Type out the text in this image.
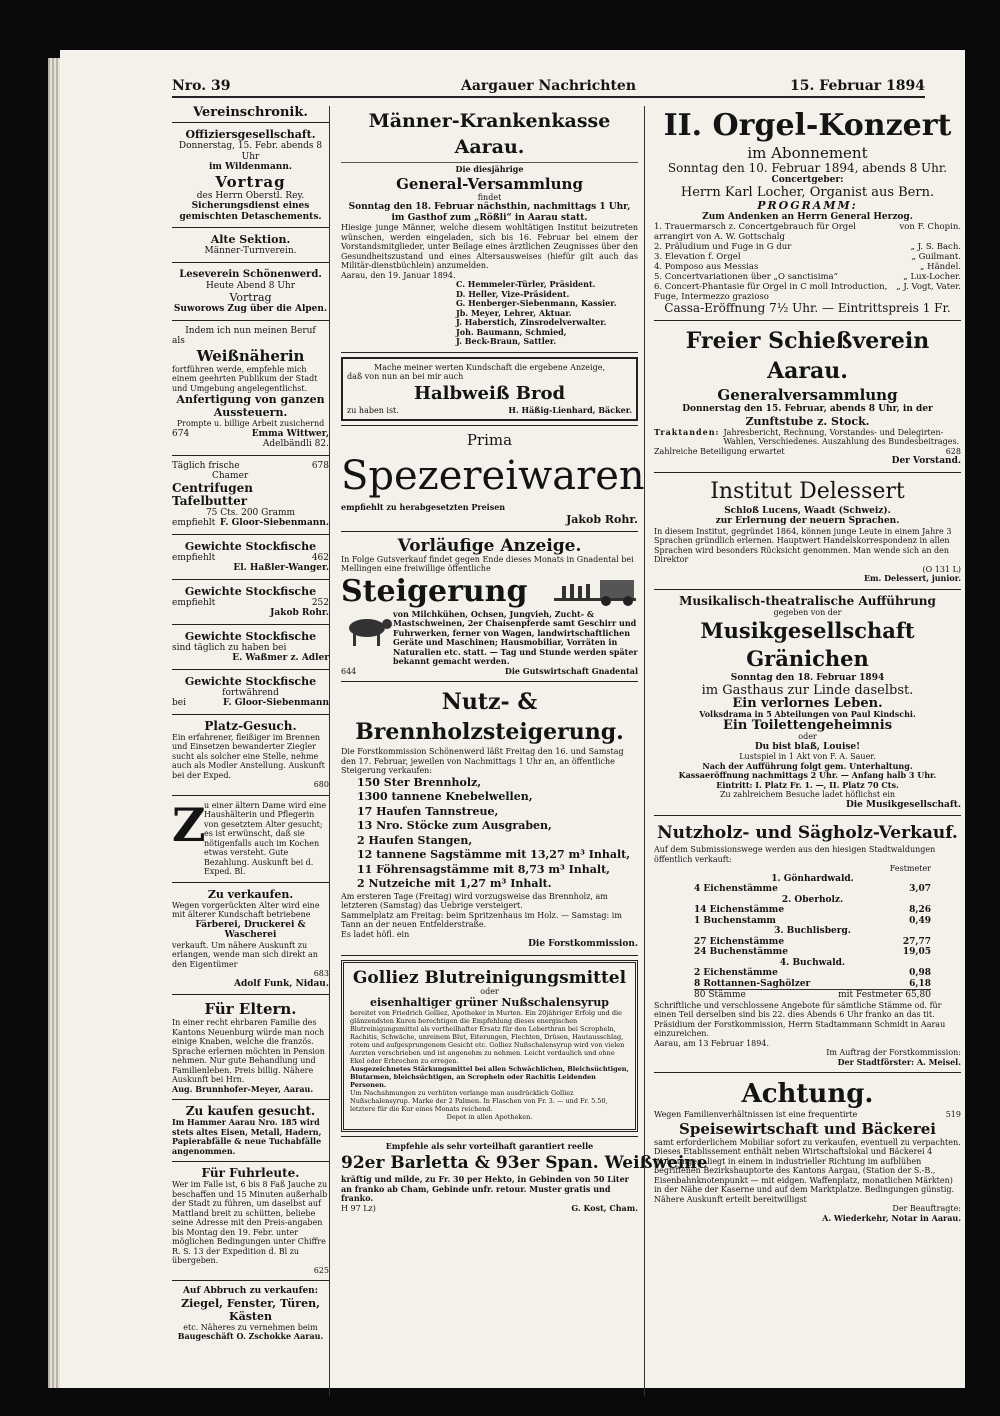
Nro. 39	Aargauer Nachrichten	15. Februar 1894
Vereinschronik.
Offiziersgesellschaft.
Donnerstag, 15. Febr. abends 8 Uhr
im Wildenmann.
Vortrag
des Herrn Oberstl. Rey.
Sicherungsdienst eines gemischten Detaschements.
Alte Sektion.
Männer-Turnverein.
Leseverein Schönenwerd.
Heute Abend 8 Uhr
Vortrag
Suworows Zug über die Alpen.
Indem ich nun meinen Beruf
als
Weißnäherin
fortführen werde, empfehle mich einem geehrten Publikum der Stadt und Umgebung angelegentlichst.
Anfertigung von ganzen
Aussteuern.
Prompte u. billige Arbeit zusichernd
674	Emma Wittwer,
Adelbändli 82.
Täglich frische	678
Chamer
Centrifugen Tafelbutter
75 Cts. 200 Gramm
empfiehlt F. Gloor-Siebenmann.
Gewichte Stockfische
empfiehlt	462
El. Haßler-Wanger.
Gewichte Stockfische
empfiehlt	252
Jakob Rohr.
Gewichte Stockfische
sind täglich zu haben bei
E. Waßmer z. Adler
Gewichte Stockfische
fortwährend
bei	F. Gloor-Siebenmann
Platz-Gesuch.
Ein erfahrener, fleißiger im Brennen und Einsetzen bewanderter Ziegler sucht als solcher eine Stelle, nehme auch als Modler Anstellung. Auskunft bei der Exped.
680
Z
u einer ältern Dame wird eine Haushälterin und Pflegerin von gesetztem Alter gesucht; es ist erwünscht, daß sie nötigenfalls auch im Kochen etwas versteht. Gute Bezahlung. Auskunft bei d. Exped. Bl.
Zu verkaufen.
Wegen vorgerückten Alter wird eine mit älterer Kundschaft betriebene
Färberei, Druckerei & Wascherei
verkauft. Um nähere Auskunft zu erlangen, wende man sich direkt an den Eigentümer
683
Adolf Funk, Nidau.
Für Eltern.
In einer recht ehrbaren Familie des Kantons Neuenburg würde man noch einige Knaben, welche die französ. Sprache erlernen möchten in Pension nehmen. Nur gute Behandlung und Familienleben. Preis billig. Nähere Auskunft bei Hrn.
Aug. Brunnhofer-Meyer, Aarau.
Zu kaufen gesucht.
Im Hammer Aarau Nro. 185 wird stets altes Eisen, Metall, Hadern, Papierabfälle & neue Tuchabfälle angenommen.
Für Fuhrleute.
Wer im Falle ist, 6 bis 8 Faß Jauche zu beschaffen und 15 Minuten außerhalb der Stadt zu führen, um daselbst auf Mattland breit zu schütten, beliebe seine Adresse mit den Preis-angaben bis Montag den 19. Febr. unter möglichen Bedingungen unter Chiffre R. S. 13 der Expedition d. Bl zu übergeben.
625
Auf Abbruch zu verkaufen:
Ziegel, Fenster, Türen, Kästen
etc. Näheres zu vernehmen beim
Baugeschäft O. Zschokke Aarau.
Männer-Krankenkasse Aarau.
Die diesjährige
General-Versammlung
findet
Sonntag den 18. Februar nächsthin, nachmittags 1 Uhr,
im Gasthof zum „Rößli“ in Aarau statt.
Hiesige junge Männer, welche diesem wohltätigen Institut beizutreten wünschen, werden eingeladen, sich bis 16. Februar bei einem der Vorstandsmitglieder, unter Beilage eines ärztlichen Zeugnisses über den Gesundheitszustand und eines Altersausweises (hiefür gilt auch das Militär-dienstbüchlein) anzumelden.
Aarau, den 19. Januar 1894.
C. Hemmeler-Türler, Präsident.
D. Heller, Vize-Präsident.
G. Henberger-Siebenmann, Kassier.
Jb. Meyer, Lehrer, Aktuar.
J. Haberstich, Zinsrodelverwalter.
Joh. Baumann, Schmied,
J. Beck-Braun, Sattler.
Mache meiner werten Kundschaft die ergebene Anzeige,
daß von nun an bei mir auch
Halbweiß Brod
zu haben ist.	H. Häßig-Lienhard, Bäcker.
Prima
Spezereiwaren
empfiehlt zu herabgesetzten Preisen
Jakob Rohr.
Vorläufige Anzeige.
In Folge Gutsverkauf findet gegen Ende dieses Monats in Gnadental bei Mellingen eine freiwillige öffentliche
Steigerung
von Milchkühen, Ochsen, Jungvieh, Zucht- & Mastschweinen, 2er Chaisenpferde samt Geschirr und Fuhrwerken, ferner von Wagen, landwirtschaftlichen Geräte und Maschinen; Hausmobiliar, Vorräten in Naturalien etc. statt. — Tag und Stunde werden später bekannt gemacht werden.
644	Die Gutswirtschaft Gnadental
Nutz- & Brennholzsteigerung.
Die Forstkommission Schönenwerd läßt Freitag den 16. und Samstag den 17. Februar, jeweilen von Nachmittags 1 Uhr an, an öffentliche Steigerung verkaufen:
150 Ster Brennholz,
1300 tannene Knebelwellen,
17 Haufen Tannstreue,
13 Nro. Stöcke zum Ausgraben,
2 Haufen Stangen,
12 tannene Sagstämme mit 13,27 m³ Inhalt,
11 Föhrensagstämme mit 8,73 m³ Inhalt,
2 Nutzeiche mit 1,27 m³ Inhalt.
Am ersteren Tage (Freitag) wird vorzugsweise das Brennholz, am letzteren (Samstag) das Uebrige versteigert.
Sammelplatz am Freitag: beim Spritzenhaus im Holz. — Samstag: im Tann an der neuen Entfelderstraße.
Es ladet höfl. ein
Die Forstkommission.
Golliez Blutreinigungsmittel
oder
eisenhaltiger grüner Nußschalensyrup
bereitet von Friedrich Golliez, Apotheker in Murten. Ein 20jähriger Erfolg und die glänzendsten Kuren berechtigen die Empfehlung dieses energischen Blutreinigungsmittel als vortheilhafter Ersatz für den Leberthran bei Scropheln, Rachitis, Schwäche, unreinem Blut, Eiterungen, Flechten, Drüsen, Hautausschlag, rotem und aufgesprungenem Gesicht etc. Golliez Nußschalensyrup wird von vielen Aerzten verschrieben und ist angenehm zu nehmen. Leicht verdaulich und ohne Ekel oder Erbrechen zu erregen.
Ausgezeichnetes Stärkungsmittel bei allen Schwächlichen, Bleichsüchtigen, Blutarmen, bleichsüchtigen, an Scropheln oder Rachitis Leidenden Personen.
Um Nachahmungen zu verhüten verlange man ausdrücklich Golliez Nußschalensyrup. Marke der 2 Palmen. In Flaschen von Fr. 3. — und Fr. 5.50, letztere für die Kur eines Monats reichend.
Depot in allen Apotheken.
Empfehle als sehr vorteilhaft garantiert reelle
92er Barletta & 93er Span. Weißweine
kräftig und milde, zu Fr. 30 per Hekto, in Gebinden von 50 Liter an franko ab Cham, Gebinde unfr. retour. Muster gratis und franko.
H 97 Lz)	G. Kost, Cham.
II. Orgel-Konzert
im Abonnement
Sonntag den 10. Februar 1894, abends 8 Uhr.
Concertgeber:
Herrn Karl Locher, Organist aus Bern.
PROGRAMM:
Zum Andenken an Herrn General Herzog.
1. Trauermarsch z. Concertgebrauch für Orgel arrangirt von A. W. Gottschalg	von F. Chopin.
2. Präludium und Fuge in G dur	„ J. S. Bach.
3. Elevation f. Orgel	„ Guilmant.
4. Pomposo aus Messias	„ Händel.
5. Concertvariationen über „O sanctisima“	„ Lux-Locher.
6. Concert-Phantasie für Orgel in C moll Introduction, Fuge, Intermezzo grazioso	„ J. Vogt, Vater.
Cassa-Eröffnung 7½ Uhr. — Eintrittspreis 1 Fr.
Freier Schießverein Aarau.
Generalversammlung
Donnerstag den 15. Februar, abends 8 Uhr, in der
Zunftstube z. Stock.
Traktanden: Jahresbericht, Rechnung, Vorstandes- und Delegirten-Wahlen, Verschiedenes. Auszahlung des Bundesbeitrages.
Zahlreiche Beteiligung erwartet	628
Der Vorstand.
Institut Delessert
Schloß Lucens, Waadt (Schweiz).
zur Erlernung der neuern Sprachen.
In diesem Institut, gegründet 1864, können junge Leute in einem Jahre 3 Sprachen gründlich erlernen. Hauptwert Handelskorrespondenz in allen Sprachen wird besonders Rücksicht genommen. Man wende sich an den Direktor
(O 131 L)
Em. Delessert, junior.
Musikalisch-theatralische Aufführung
gegeben von der
Musikgesellschaft Gränichen
Sonntag den 18. Februar 1894
im Gasthaus zur Linde daselbst.
Ein verlornes Leben.
Volksdrama in 5 Abteilungen von Paul Kindschi.
Ein Toilettengeheimnis
oder
Du bist blaß, Louise!
Lustspiel in 1 Akt von F. A. Sauer.
Nach der Aufführung folgt gem. Unterhaltung.
Kassaeröffnung nachmittags 2 Uhr. — Anfang halb 3 Uhr.
Eintritt: I. Platz Fr. 1. —, II. Platz 70 Cts.
Zu zahlreichem Besuche ladet höflichst ein
Die Musikgesellschaft.
Nutzholz- und Sägholz-Verkauf.
Auf dem Submissionswege werden aus den hiesigen Stadtwaldungen öffentlich verkauft:
Festmeter
1. Gönhardwald.
4 Eichenstämme	3,07
2. Oberholz.
14 Eichenstämme	8,26
1 Buchenstamm	0,49
3. Buchlisberg.
27 Eichenstämme	27,77
24 Buchenstämme	19,05
4. Buchwald.
2 Eichenstämme	0,98
8 Rottannen-Saghölzer	6,18
80 Stämme	mit Festmeter 65,80
Schriftliche und verschlossene Angebote für sämtliche Stämme od. für einen Teil derselben sind bis 22. dies Abends 6 Uhr franko an das tit. Präsidium der Forstkommission, Herrn Stadtammann Schmidt in Aarau einzureichen.
Aarau, am 13 Februar 1894.
Im Auftrag der Forstkommission:
Der Stadtförster: A. Meisel.
Achtung.
Wegen Familienverhältnissen ist eine frequentirte	519
Speisewirtschaft und Bäckerei
samt erforderlichem Mobiliar sofort zu verkaufen, eventuell zu verpachten. Dieses Etablissement enthält neben Wirtschaftslokal und Bäckerei 4 Wohnungen, liegt in einem in industrieller Richtung im aufblühen begriffenen Bezirkshauptorte des Kantons Aargau, (Station der S.-B., Eisenbahnknotenpunkt — mit eidgen. Waffenplatz, monatlichen Märkten) in der Nähe der Kaserne und auf dem Marktplatze. Bedingungen günstig. Nähere Auskunft erteilt bereitwilligst
Der Beauftragte:
A. Wiederkehr, Notar in Aarau.
